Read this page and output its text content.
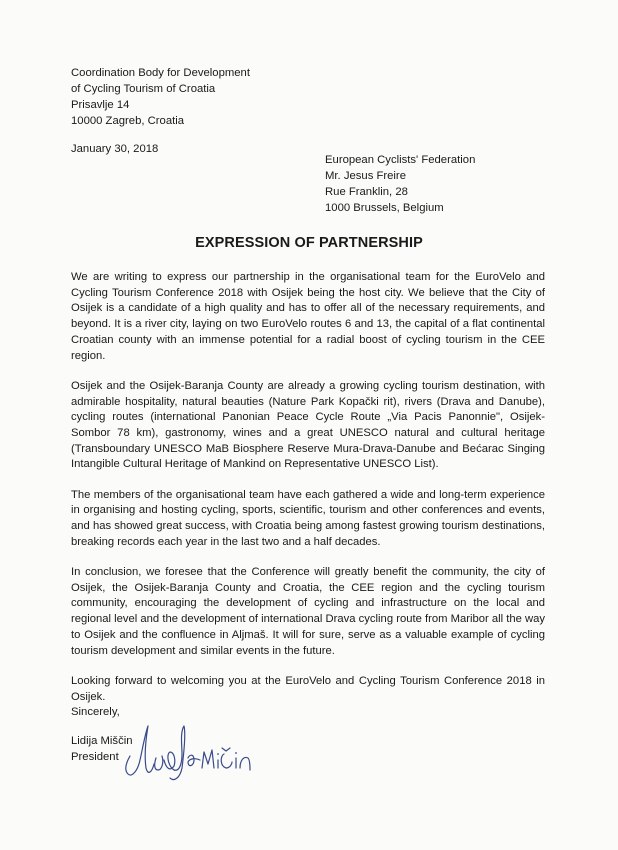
Coordination Body for Development
of Cycling Tourism of Croatia
Prisavlje 14
10000 Zagreb, Croatia
January 30, 2018
European Cyclists' Federation
Mr. Jesus Freire
Rue Franklin, 28
1000 Brussels, Belgium
EXPRESSION OF PARTNERSHIP

We are writing to express our partnership in the organisational team for the EuroVelo and Cycling Tourism Conference 2018 with Osijek being the host city. We believe that the City of Osijek is a candidate of a high quality and has to offer all of the necessary requirements, and beyond. It is a river city, laying on two EuroVelo routes 6 and 13, the capital of a flat continental Croatian county with an immense potential for a radial boost of cycling tourism in the CEE region.

Osijek and the Osijek-Baranja County are already a growing cycling tourism destination, with admirable hospitality, natural beauties (Nature Park Kopački rit), rivers (Drava and Danube), cycling routes (international Panonian Peace Cycle Route „Via Pacis Panonnie", Osijek-Sombor 78 km), gastronomy, wines and a great UNESCO natural and cultural heritage (Transboundary UNESCO MaB Biosphere Reserve Mura-Drava-Danube and Bećarac Singing Intangible Cultural Heritage of Mankind on Representative UNESCO List).

The members of the organisational team have each gathered a wide and long-term experience in organising and hosting cycling, sports, scientific, tourism and other conferences and events, and has showed great success, with Croatia being among fastest growing tourism destinations, breaking records each year in the last two and a half decades.

In conclusion, we foresee that the Conference will greatly benefit the community, the city of Osijek, the Osijek-Baranja County and Croatia, the CEE region and the cycling tourism community, encouraging the development of cycling and infrastructure on the local and regional level and the development of international Drava cycling route from Maribor all the way to Osijek and the confluence in Aljmaš. It will for sure, serve as a valuable example of cycling tourism development and similar events in the future.

Looking forward to welcoming you at the EuroVelo and Cycling Tourism Conference 2018 in Osijek.

Sincerely,
Lidija Miščin
President
